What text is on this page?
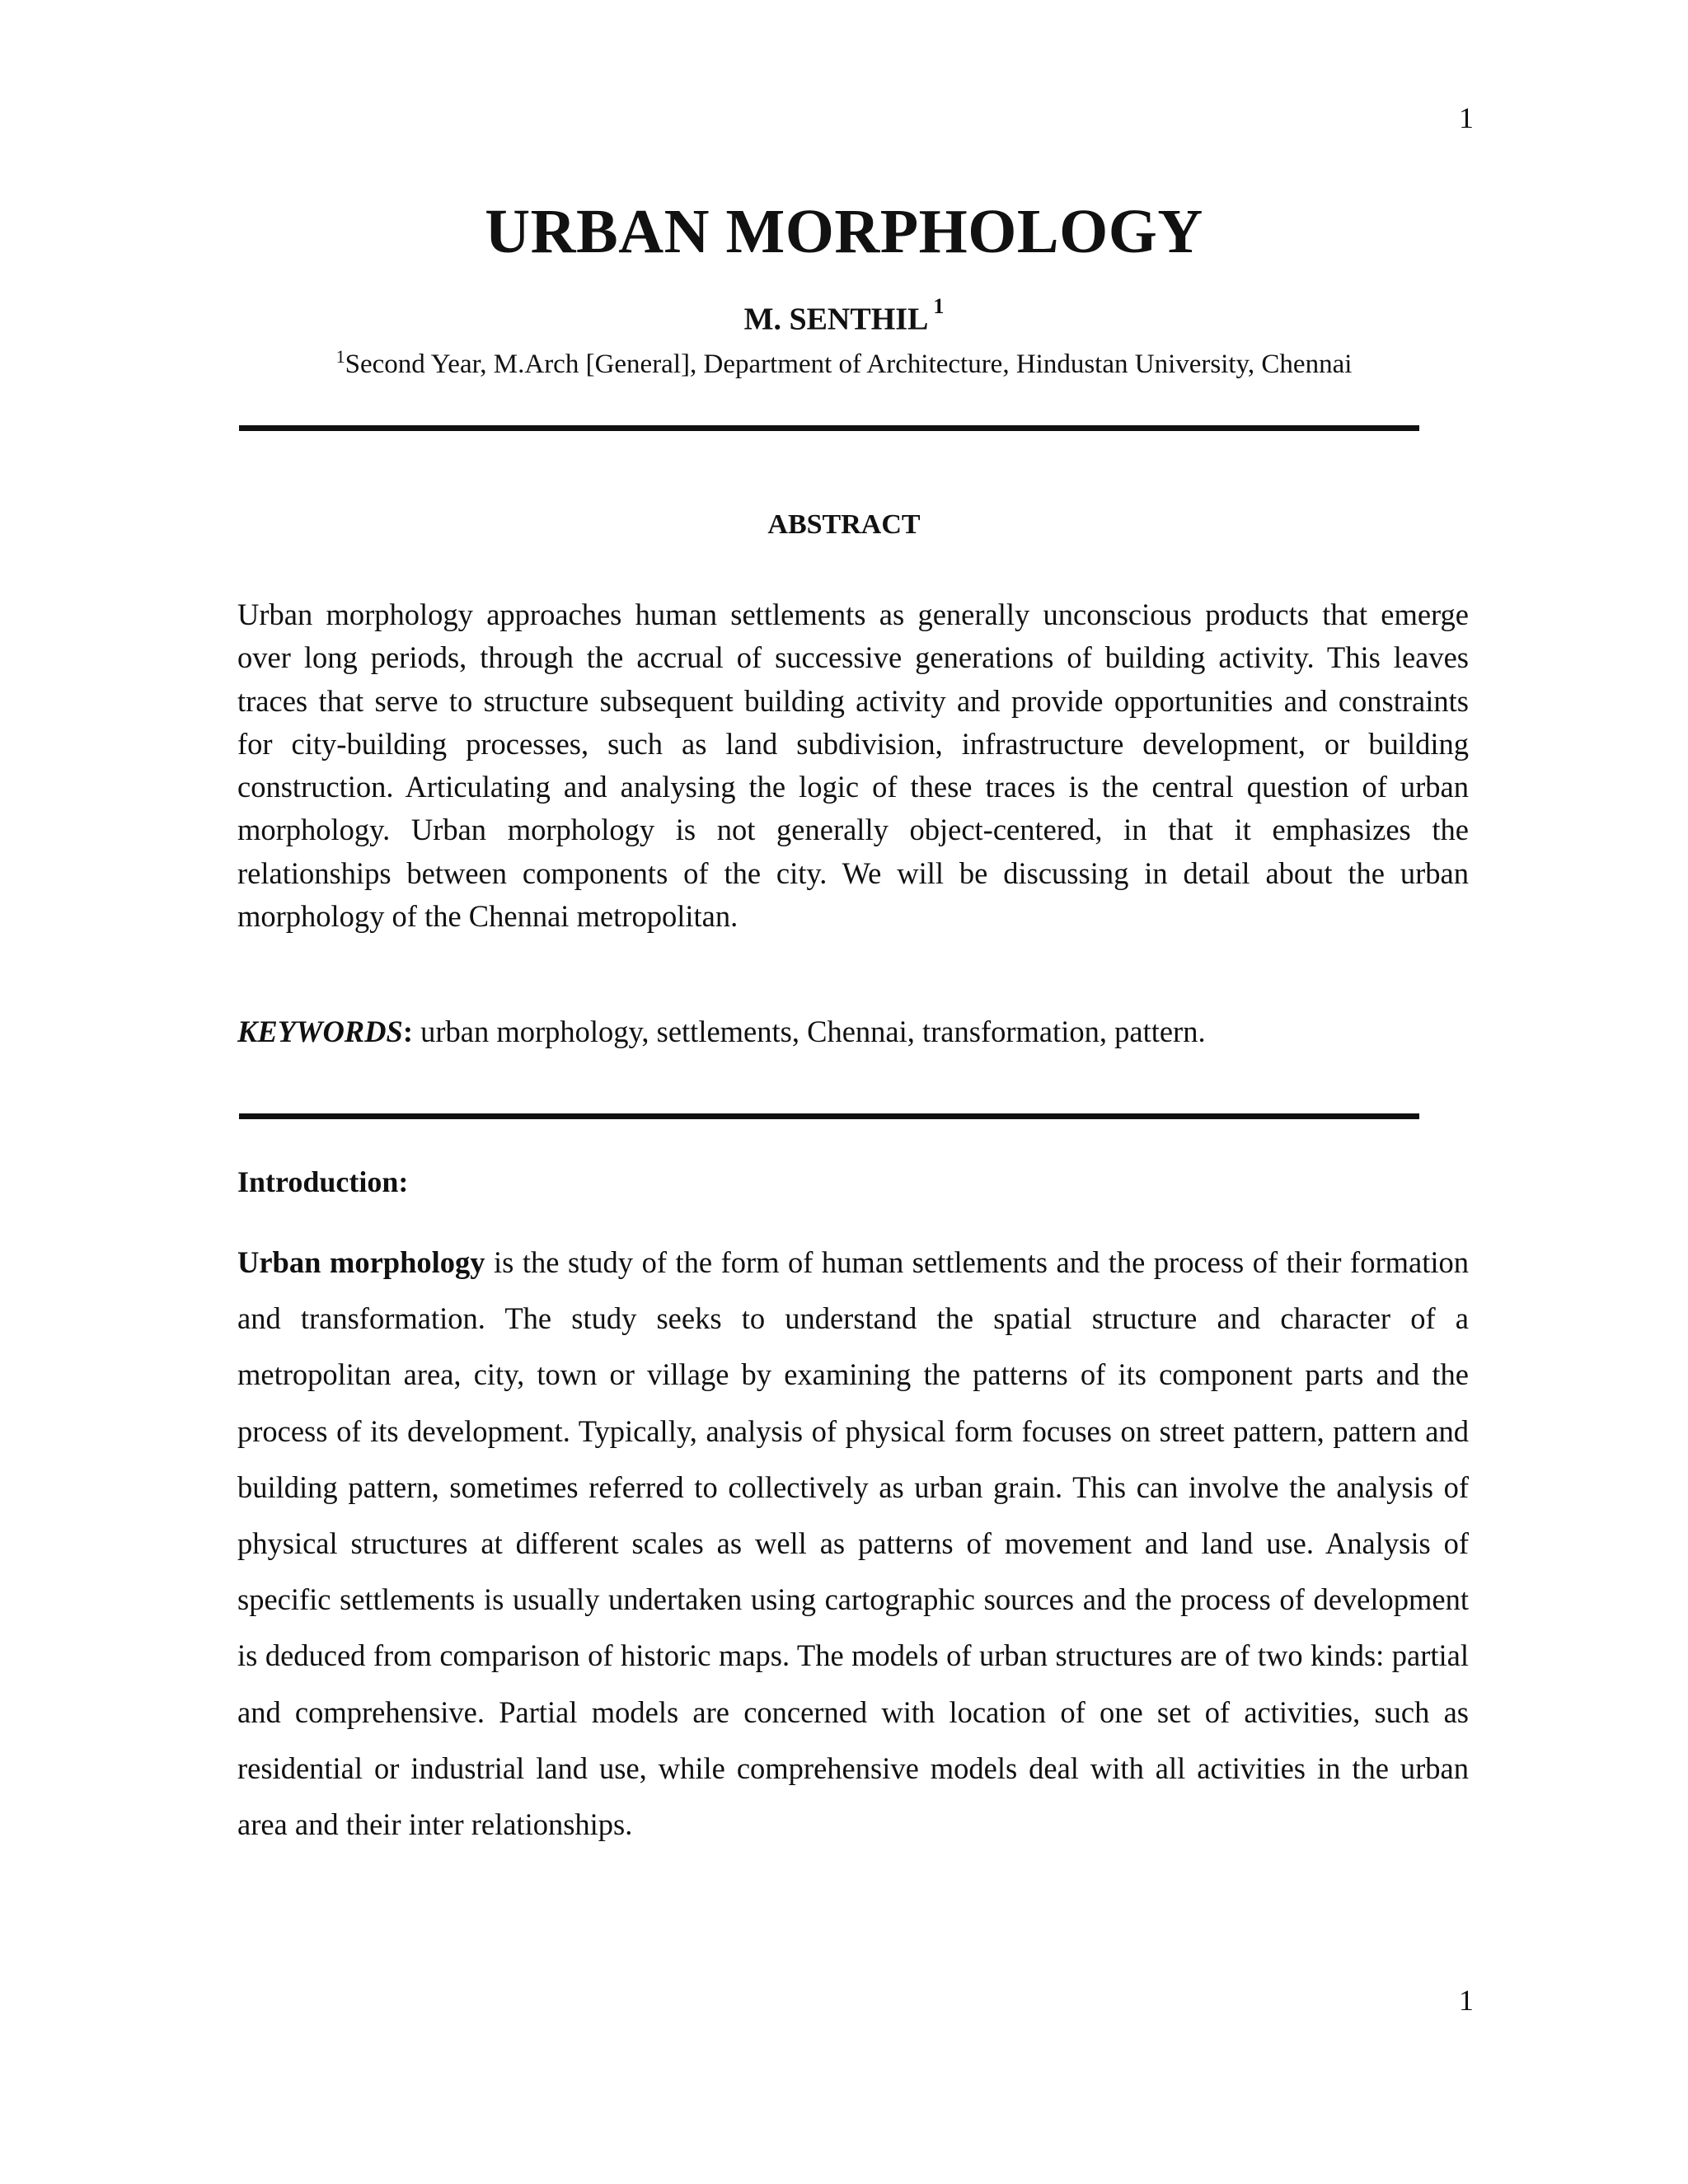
1
URBAN MORPHOLOGY
M. SENTHIL $^1$
$^1$Second Year, M.Arch [General], Department of Architecture, Hindustan University, Chennai
ABSTRACT
Urban morphology approaches human settlements as generally unconscious products that emerge over long periods, through the accrual of successive generations of building activity. This leaves traces that serve to structure subsequent building activity and provide opportunities and constraints for city-building processes, such as land subdivision, infrastructure development, or building construction. Articulating and analysing the logic of these traces is the central question of urban morphology. Urban morphology is not generally object-centered, in that it emphasizes the relationships between components of the city. We will be discussing in detail about the urban morphology of the Chennai metropolitan.
KEYWORDS: urban morphology, settlements, Chennai, transformation, pattern.
Introduction:
Urban morphology is the study of the form of human settlements and the process of their formation and transformation. The study seeks to understand the spatial structure and character of a metropolitan area, city, town or village by examining the patterns of its component parts and the process of its development. Typically, analysis of physical form focuses on street pattern, pattern and building pattern, sometimes referred to collectively as urban grain. This can involve the analysis of physical structures at different scales as well as patterns of movement and land use. Analysis of specific settlements is usually undertaken using cartographic sources and the process of development is deduced from comparison of historic maps. The models of urban structures are of two kinds: partial and comprehensive. Partial models are concerned with location of one set of activities, such as residential or industrial land use, while comprehensive models deal with all activities in the urban area and their inter relationships.
1
